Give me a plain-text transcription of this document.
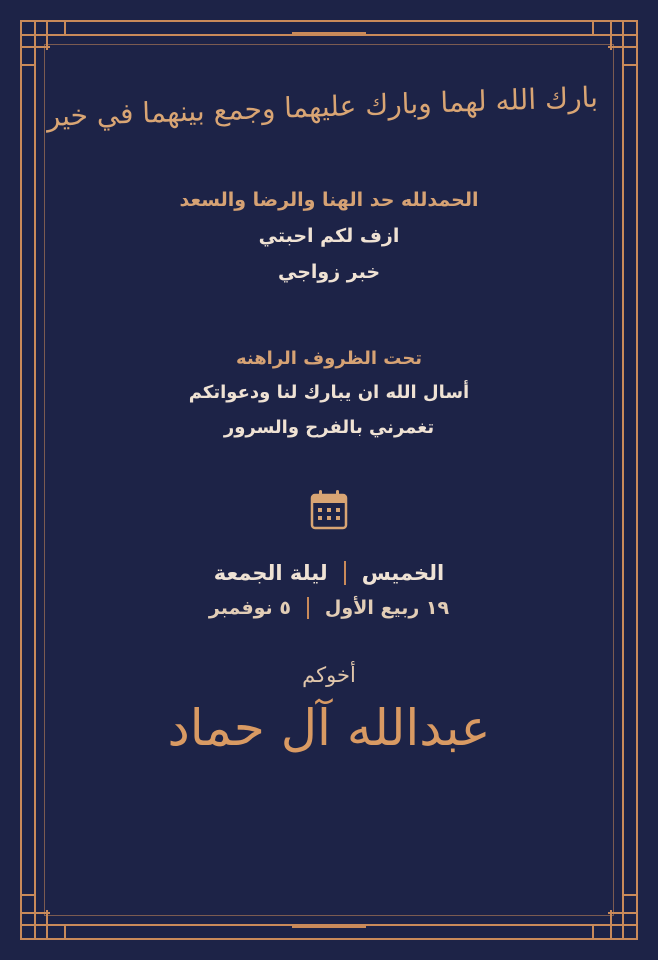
بارك الله لهما وبارك عليهما وجمع بينهما في خير
الحمدلله حد الهنا والرضا والسعد
ازف لكم احبتي
خبر زواجي
تحت الظروف الراهنه
أسال الله ان يبارك لنا ودعواتكم
تغمرني بالفرح والسرور
الخميس
ليلة الجمعة
١٩ ربيع الأول
٥ نوفمبر
أخوكم
عبدالله آل حماد
